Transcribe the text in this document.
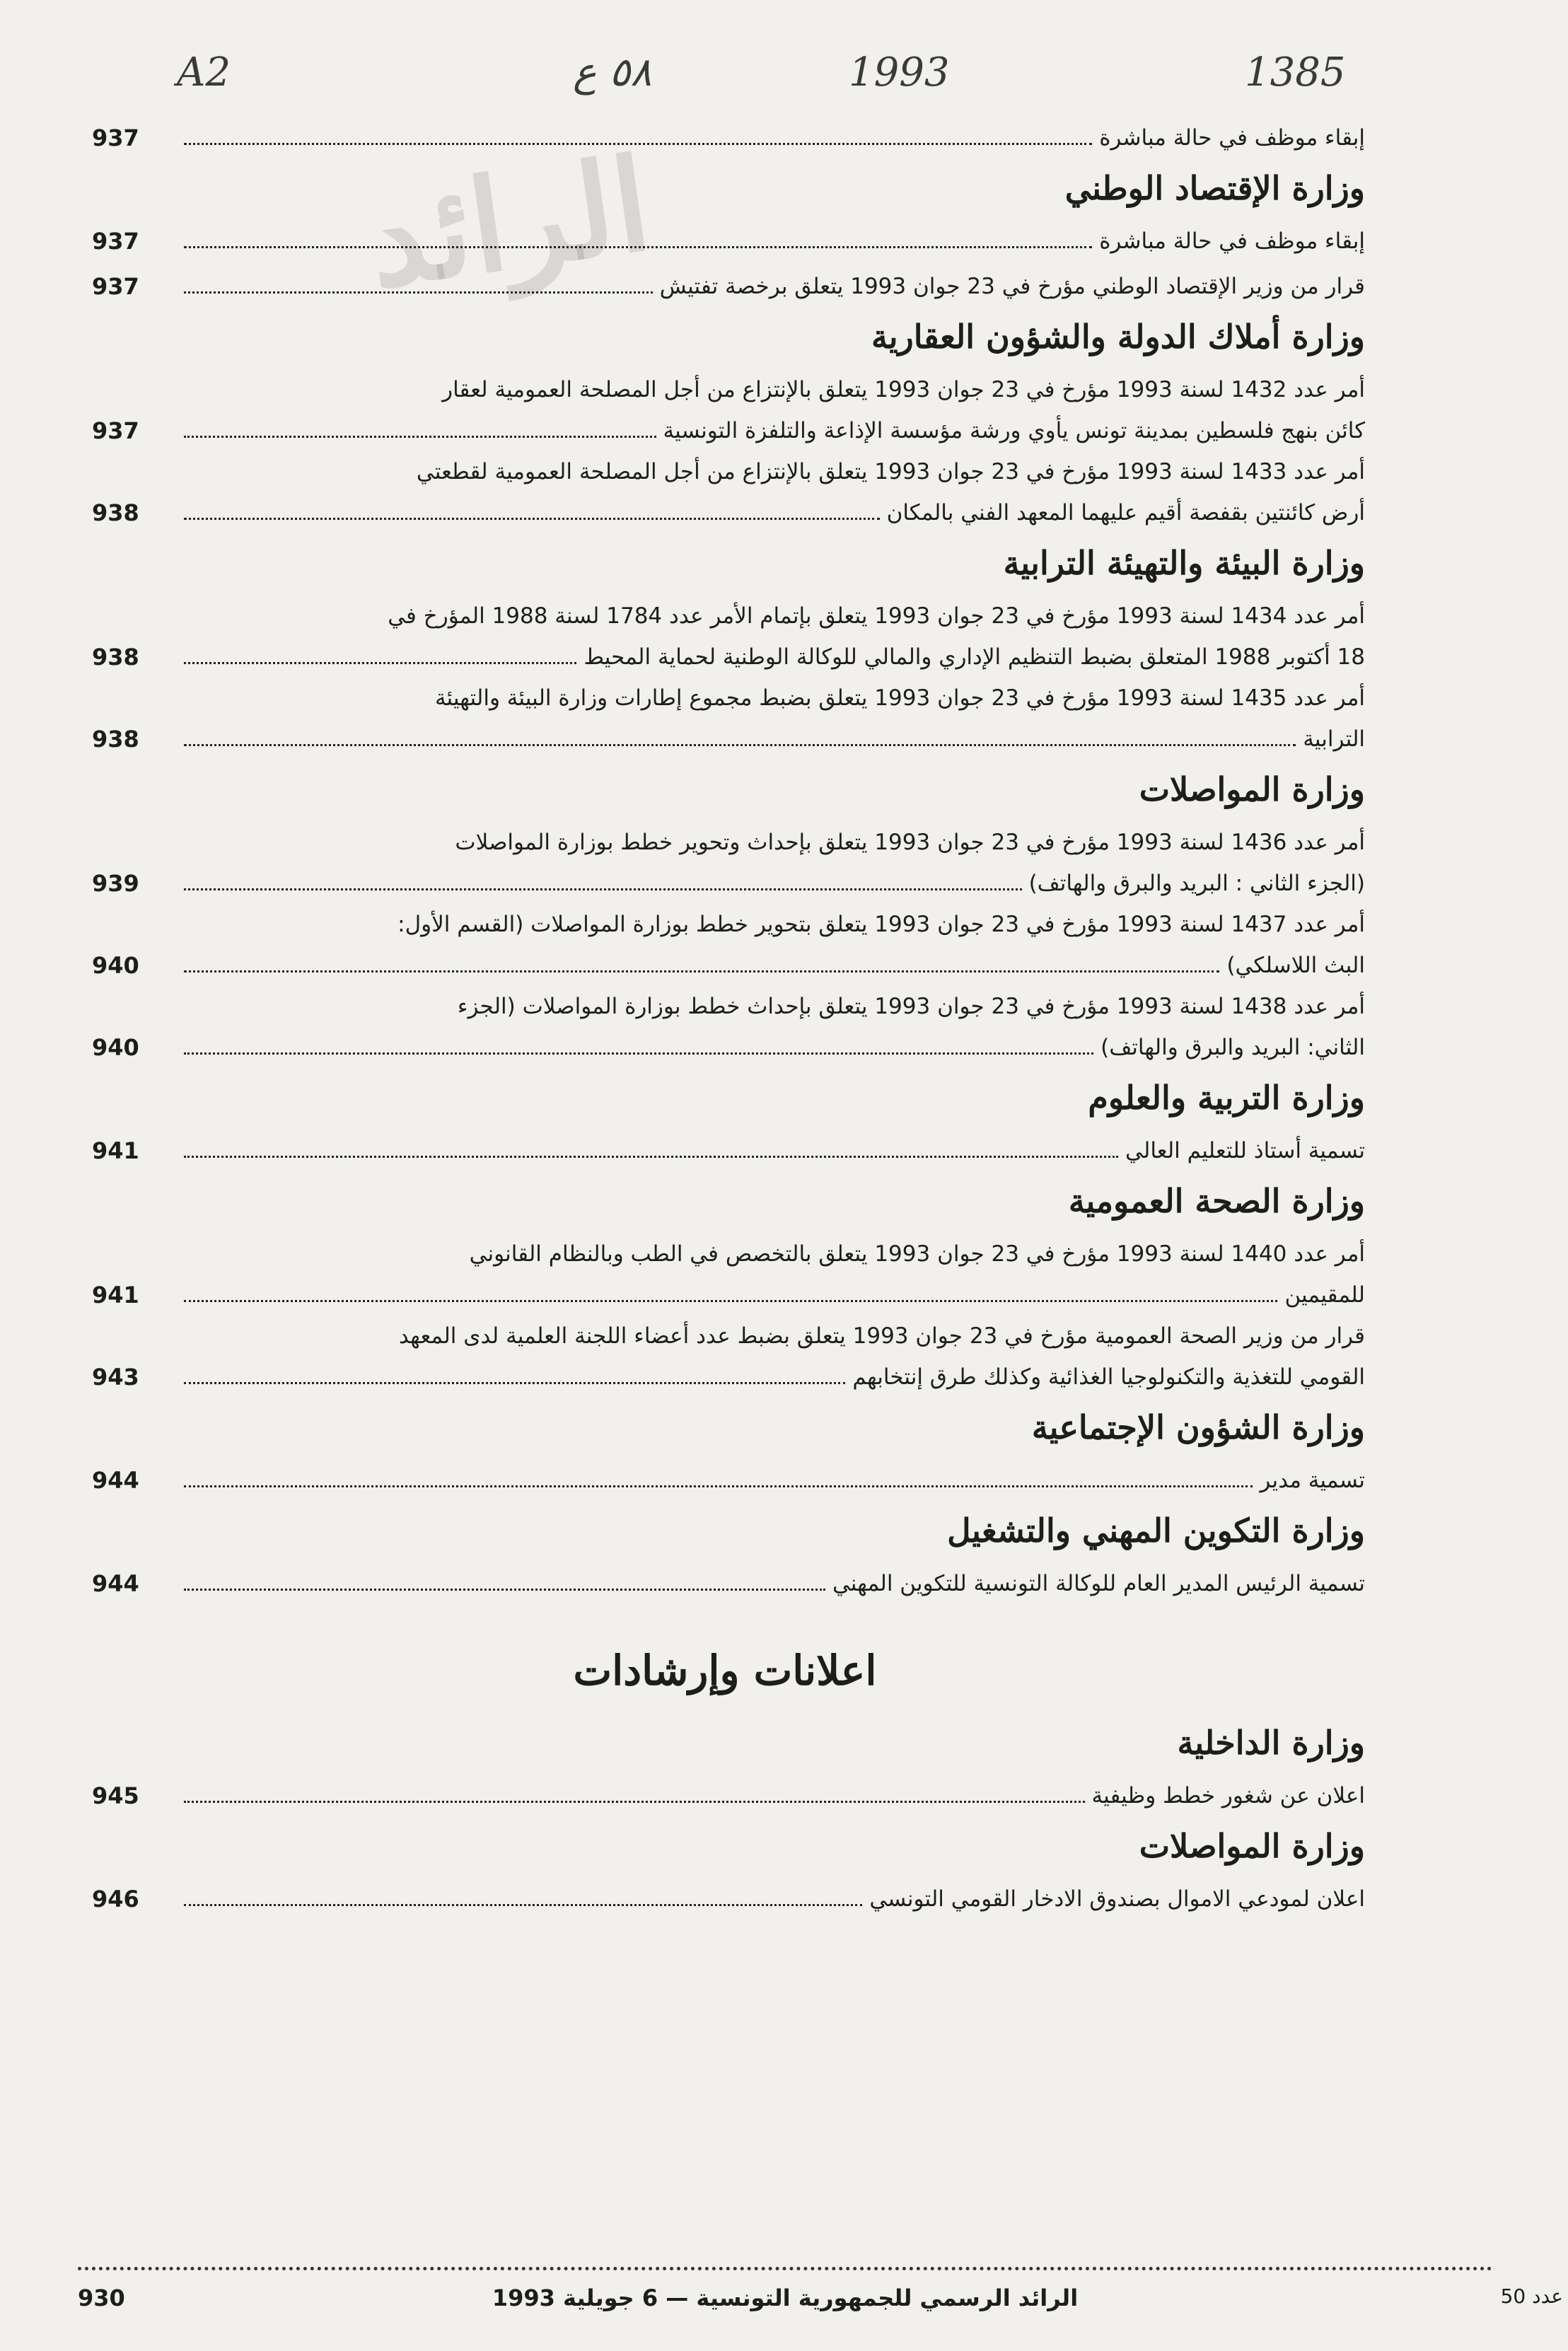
الرائد
A2	٥٨ ع	1993	1385
إبقاء موظف في حالة مباشرة
937
وزارة الإقتصاد الوطني
إبقاء موظف في حالة مباشرة
937
قرار من وزير الإقتصاد الوطني مؤرخ في 23 جوان 1993 يتعلق برخصة تفتيش
937
وزارة أملاك الدولة والشؤون العقارية
أمر عدد 1432 لسنة 1993 مؤرخ في 23 جوان 1993 يتعلق بالإنتزاع من أجل المصلحة العمومية لعقار
كائن بنهج فلسطين بمدينة تونس يأوي ورشة مؤسسة الإذاعة والتلفزة التونسية
937
أمر عدد 1433 لسنة 1993 مؤرخ في 23 جوان 1993 يتعلق بالإنتزاع من أجل المصلحة العمومية لقطعتي
أرض كائنتين بقفصة أقيم عليهما المعهد الفني بالمكان
938
وزارة البيئة والتهيئة الترابية
أمر عدد 1434 لسنة 1993 مؤرخ في 23 جوان 1993 يتعلق بإتمام الأمر عدد 1784 لسنة 1988 المؤرخ في
18 أكتوبر 1988 المتعلق بضبط التنظيم الإداري والمالي للوكالة الوطنية لحماية المحيط
938
أمر عدد 1435 لسنة 1993 مؤرخ في 23 جوان 1993 يتعلق بضبط مجموع إطارات وزارة البيئة والتهيئة
الترابية
938
وزارة المواصلات
أمر عدد 1436 لسنة 1993 مؤرخ في 23 جوان 1993 يتعلق بإحداث وتحوير خطط بوزارة المواصلات
(الجزء الثاني : البريد والبرق والهاتف)
939
أمر عدد 1437 لسنة 1993 مؤرخ في 23 جوان 1993 يتعلق بتحوير خطط بوزارة المواصلات (القسم الأول:
البث اللاسلكي)
940
أمر عدد 1438 لسنة 1993 مؤرخ في 23 جوان 1993 يتعلق بإحداث خطط بوزارة المواصلات (الجزء
الثاني: البريد والبرق والهاتف)
940
وزارة التربية والعلوم
تسمية أستاذ للتعليم العالي
941
وزارة الصحة العمومية
أمر عدد 1440 لسنة 1993 مؤرخ في 23 جوان 1993 يتعلق بالتخصص في الطب وبالنظام القانوني
للمقيمين
941
قرار من وزير الصحة العمومية مؤرخ في 23 جوان 1993 يتعلق بضبط عدد أعضاء اللجنة العلمية لدى المعهد
القومي للتغذية والتكنولوجيا الغذائية وكذلك طرق إنتخابهم
943
وزارة الشؤون الإجتماعية
تسمية مدير
944
وزارة التكوين المهني والتشغيل
تسمية الرئيس المدير العام للوكالة التونسية للتكوين المهني
944
اعلانات وإرشادات
وزارة الداخلية
اعلان عن شغور خطط وظيفية
945
وزارة المواصلات
اعلان لمودعي الاموال بصندوق الادخار القومي التونسي
946
930	الرائد الرسمي للجمهورية التونسية — 6 جويلية 1993	عدد 50
